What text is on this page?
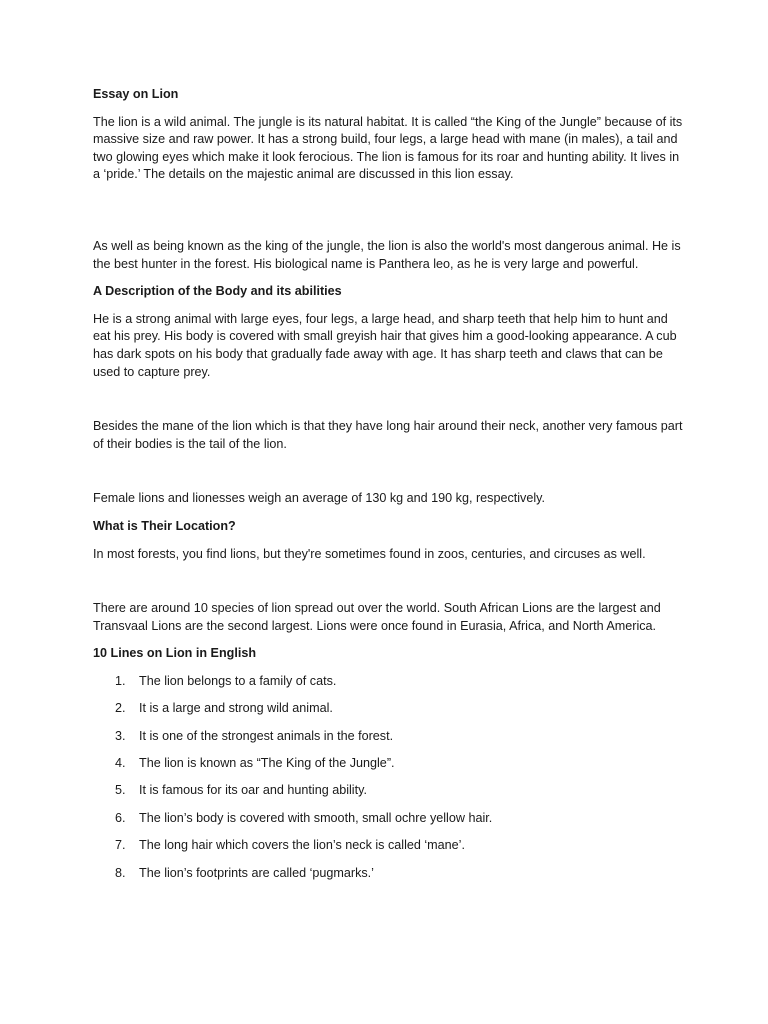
Essay on Lion

The lion is a wild animal. The jungle is its natural habitat. It is called “the King of the Jungle” because of its massive size and raw power. It has a strong build, four legs, a large head with mane (in males), a tail and two glowing eyes which make it look ferocious. The lion is famous for its roar and hunting ability. It lives in a ‘pride.’ The details on the majestic animal are discussed in this lion essay.

As well as being known as the king of the jungle, the lion is also the world's most dangerous animal. He is the best hunter in the forest. His biological name is Panthera leo, as he is very large and powerful.

A Description of the Body and its abilities

He is a strong animal with large eyes, four legs, a large head, and sharp teeth that help him to hunt and eat his prey. His body is covered with small greyish hair that gives him a good-looking appearance. A cub has dark spots on his body that gradually fade away with age. It has sharp teeth and claws that can be used to capture prey.

Besides the mane of the lion which is that they have long hair around their neck, another very famous part of their bodies is the tail of the lion.

Female lions and lionesses weigh an average of 130 kg and 190 kg, respectively.

What is Their Location?

In most forests, you find lions, but they're sometimes found in zoos, centuries, and circuses as well.

There are around 10 species of lion spread out over the world. South African Lions are the largest and Transvaal Lions are the second largest. Lions were once found in Eurasia, Africa, and North America.

10 Lines on Lion in English

1. The lion belongs to a family of cats.
2. It is a large and strong wild animal.
3. It is one of the strongest animals in the forest.
4. The lion is known as “The King of the Jungle”.
5. It is famous for its oar and hunting ability.
6. The lion’s body is covered with smooth, small ochre yellow hair.
7. The long hair which covers the lion’s neck is called ‘mane’.
8. The lion’s footprints are called ‘pugmarks.’
